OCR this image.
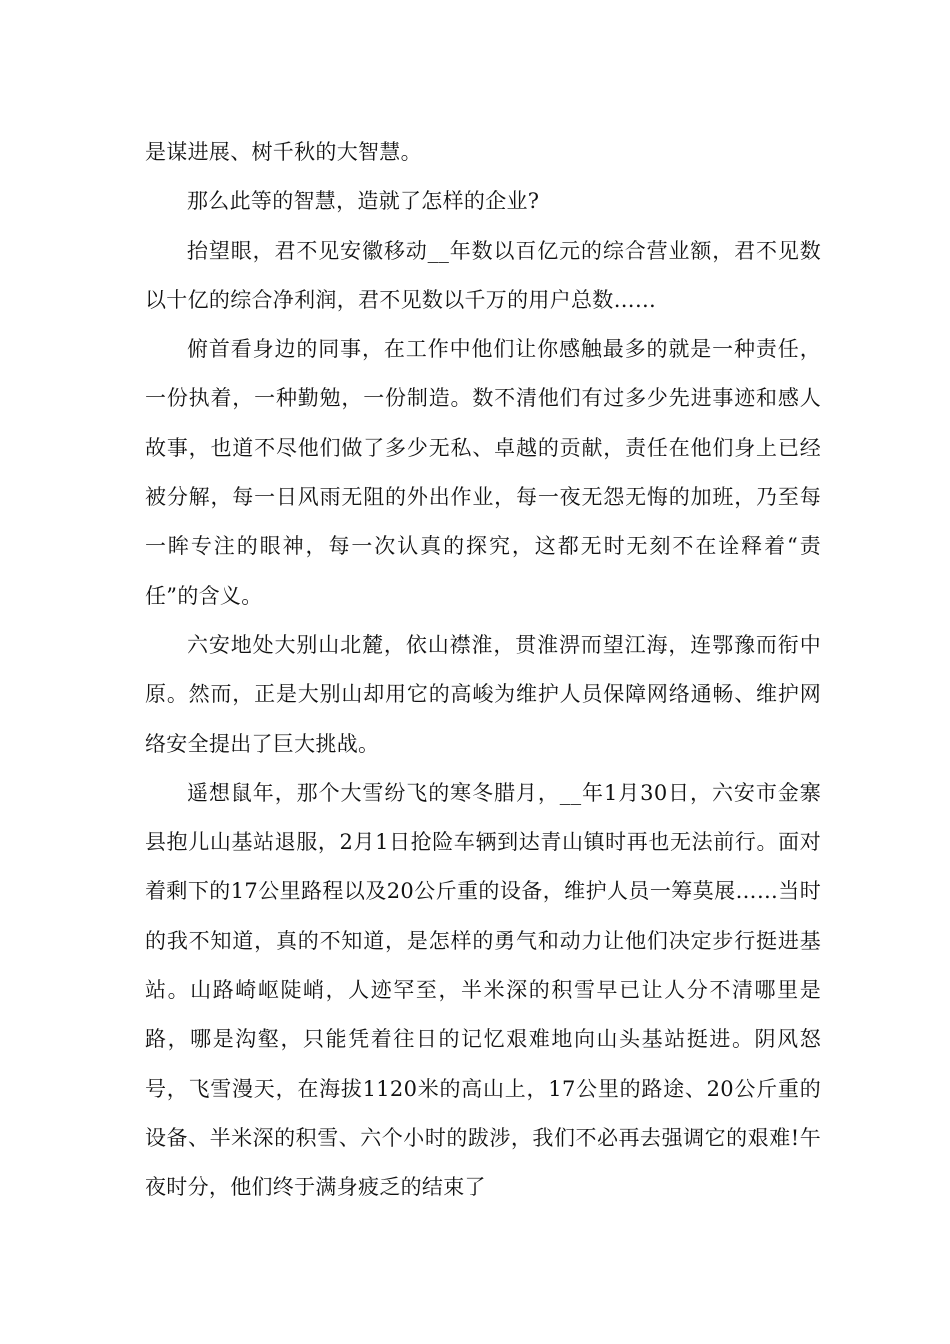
是谋进展、树千秋的大智慧。

那么此等的智慧，造就了怎样的企业?

抬望眼，君不见安徽移动__年数以百亿元的综合营业额，君不见数以十亿的综合净利润，君不见数以千万的用户总数……

俯首看身边的同事，在工作中他们让你感触最多的就是一种责任，一份执着，一种勤勉，一份制造。数不清他们有过多少先进事迹和感人故事，也道不尽他们做了多少无私、卓越的贡献，责任在他们身上已经被分解，每一日风雨无阻的外出作业，每一夜无怨无悔的加班，乃至每一眸专注的眼神，每一次认真的探究，这都无时无刻不在诠释着“责任”的含义。

六安地处大别山北麓，依山襟淮，贯淮淠而望江海，连鄂豫而衔中原。然而，正是大别山却用它的高峻为维护人员保障网络通畅、维护网络安全提出了巨大挑战。

遥想鼠年，那个大雪纷飞的寒冬腊月，__年1月30日，六安市金寨县抱儿山基站退服，2月1日抢险车辆到达青山镇时再也无法前行。面对着剩下的17公里路程以及20公斤重的设备，维护人员一筹莫展……当时的我不知道，真的不知道，是怎样的勇气和动力让他们决定步行挺进基站。山路崎岖陡峭，人迹罕至，半米深的积雪早已让人分不清哪里是路，哪是沟壑，只能凭着往日的记忆艰难地向山头基站挺进。阴风怒号，飞雪漫天，在海拔1120米的高山上，17公里的路途、20公斤重的设备、半米深的积雪、六个小时的跋涉，我们不必再去强调它的艰难!午夜时分，他们终于满身疲乏的结束了
